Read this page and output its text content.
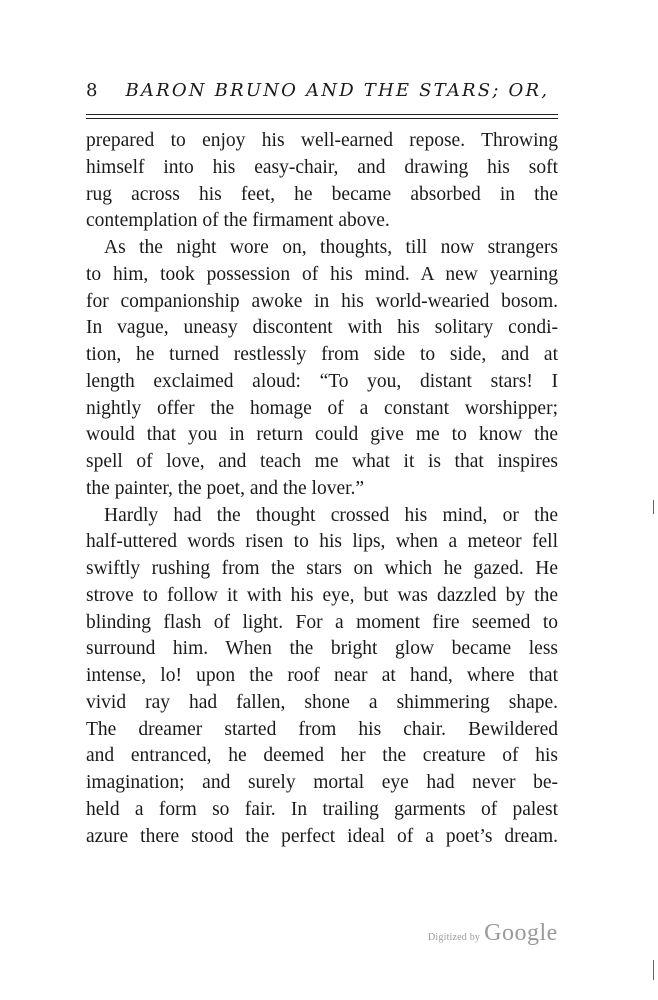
8 BARON BRUNO AND THE STARS; OR,
prepared to enjoy his well-earned repose. Throwing
himself into his easy-chair, and drawing his soft
rug across his feet, he became absorbed in the
contemplation of the firmament above.
As the night wore on, thoughts, till now strangers
to him, took possession of his mind. A new yearning
for companionship awoke in his world-wearied bosom.
In vague, uneasy discontent with his solitary condi-
tion, he turned restlessly from side to side, and at
length exclaimed aloud: “To you, distant stars! I
nightly offer the homage of a constant worshipper;
would that you in return could give me to know the
spell of love, and teach me what it is that inspires
the painter, the poet, and the lover.”
Hardly had the thought crossed his mind, or the
half-uttered words risen to his lips, when a meteor fell
swiftly rushing from the stars on which he gazed. He
strove to follow it with his eye, but was dazzled by the
blinding flash of light. For a moment fire seemed to
surround him. When the bright glow became less
intense, lo! upon the roof near at hand, where that
vivid ray had fallen, shone a shimmering shape.
The dreamer started from his chair. Bewildered
and entranced, he deemed her the creature of his
imagination; and surely mortal eye had never be-
held a form so fair. In trailing garments of palest
azure there stood the perfect ideal of a poet’s dream.
Digitized by Google
